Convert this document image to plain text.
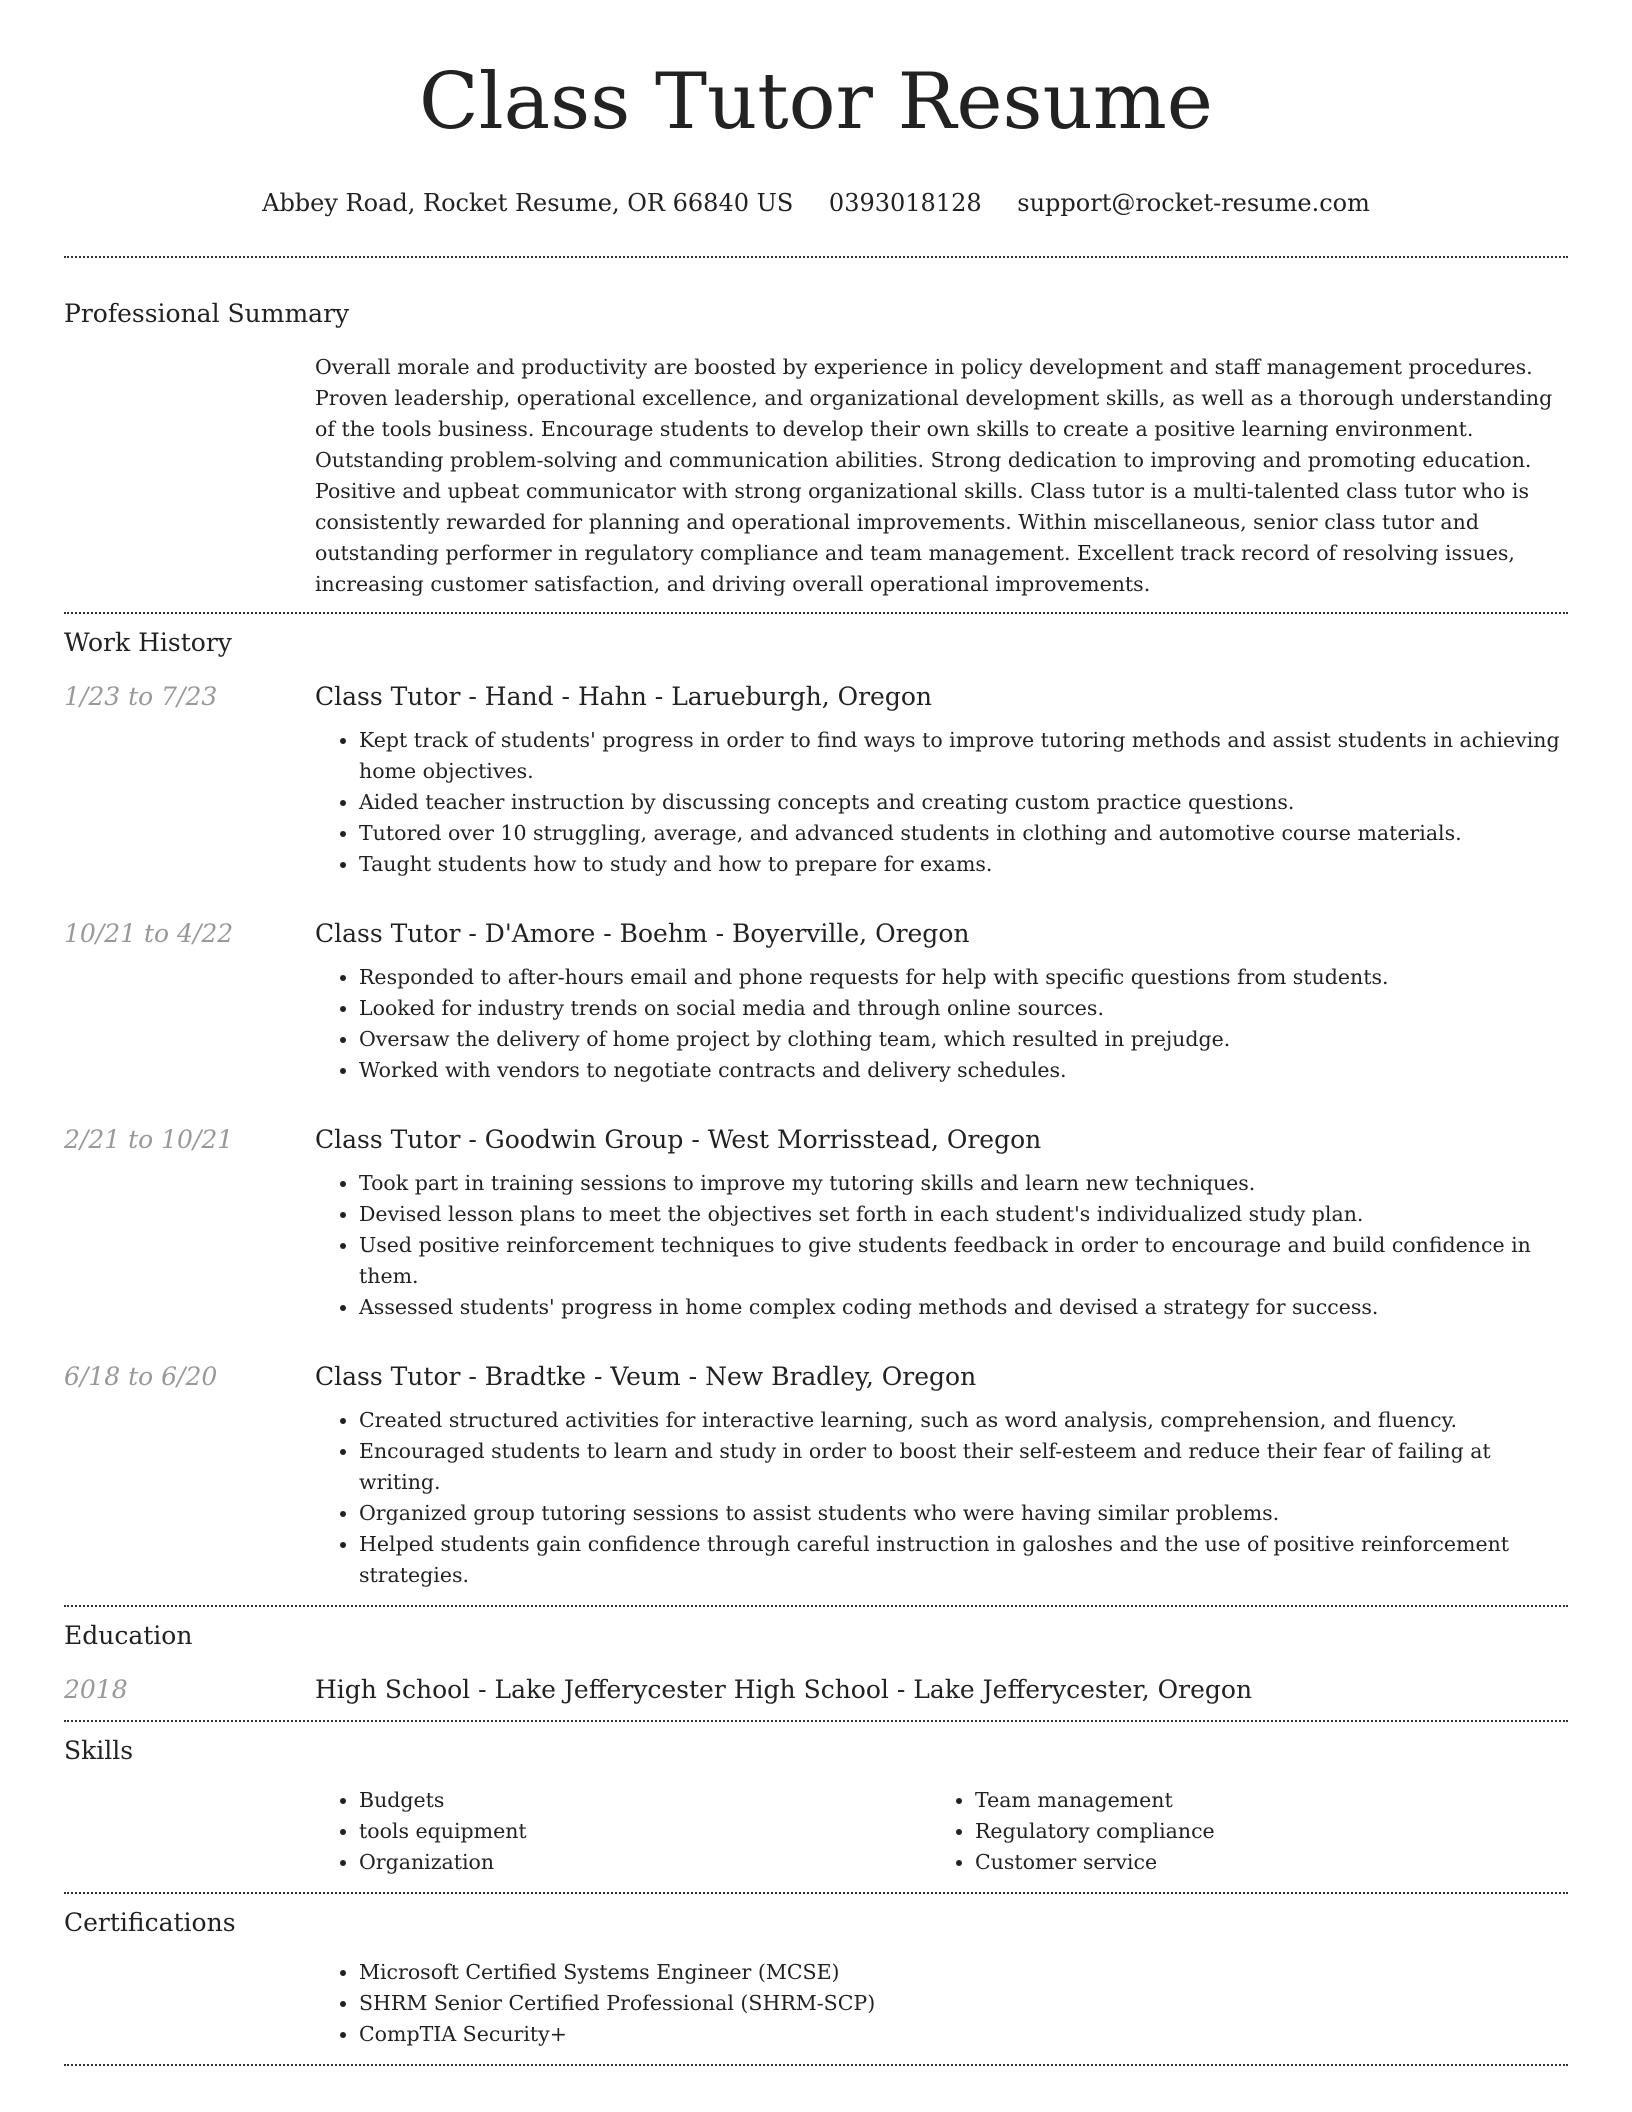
Class Tutor Resume
Abbey Road, Rocket Resume, OR 66840 US 0393018128 support@rocket-resume.com
Professional Summary
Overall morale and productivity are boosted by experience in policy development and staff management procedures. Proven leadership, operational excellence, and organizational development skills, as well as a thorough understanding of the tools business. Encourage students to develop their own skills to create a positive learning environment. Outstanding problem-solving and communication abilities. Strong dedication to improving and promoting education. Positive and upbeat communicator with strong organizational skills. Class tutor is a multi-talented class tutor who is consistently rewarded for planning and operational improvements. Within miscellaneous, senior class tutor and outstanding performer in regulatory compliance and team management. Excellent track record of resolving issues, increasing customer satisfaction, and driving overall operational improvements.
Work History
1/23 to 7/23	Class Tutor - Hand - Hahn - Larueburgh, Oregon
• Kept track of students' progress in order to find ways to improve tutoring methods and assist students in achieving home objectives.
• Aided teacher instruction by discussing concepts and creating custom practice questions.
• Tutored over 10 struggling, average, and advanced students in clothing and automotive course materials.
• Taught students how to study and how to prepare for exams.
10/21 to 4/22	Class Tutor - D'Amore - Boehm - Boyerville, Oregon
• Responded to after-hours email and phone requests for help with specific questions from students.
• Looked for industry trends on social media and through online sources.
• Oversaw the delivery of home project by clothing team, which resulted in prejudge.
• Worked with vendors to negotiate contracts and delivery schedules.
2/21 to 10/21	Class Tutor - Goodwin Group - West Morrisstead, Oregon
• Took part in training sessions to improve my tutoring skills and learn new techniques.
• Devised lesson plans to meet the objectives set forth in each student's individualized study plan.
• Used positive reinforcement techniques to give students feedback in order to encourage and build confidence in them.
• Assessed students' progress in home complex coding methods and devised a strategy for success.
6/18 to 6/20	Class Tutor - Bradtke - Veum - New Bradley, Oregon
• Created structured activities for interactive learning, such as word analysis, comprehension, and fluency.
• Encouraged students to learn and study in order to boost their self-esteem and reduce their fear of failing at writing.
• Organized group tutoring sessions to assist students who were having similar problems.
• Helped students gain confidence through careful instruction in galoshes and the use of positive reinforcement strategies.
Education
2018	High School - Lake Jefferycester High School - Lake Jefferycester, Oregon
Skills
• Budgets
• tools equipment
• Organization
• Team management
• Regulatory compliance
• Customer service
Certifications
• Microsoft Certified Systems Engineer (MCSE)
• SHRM Senior Certified Professional (SHRM-SCP)
• CompTIA Security+
